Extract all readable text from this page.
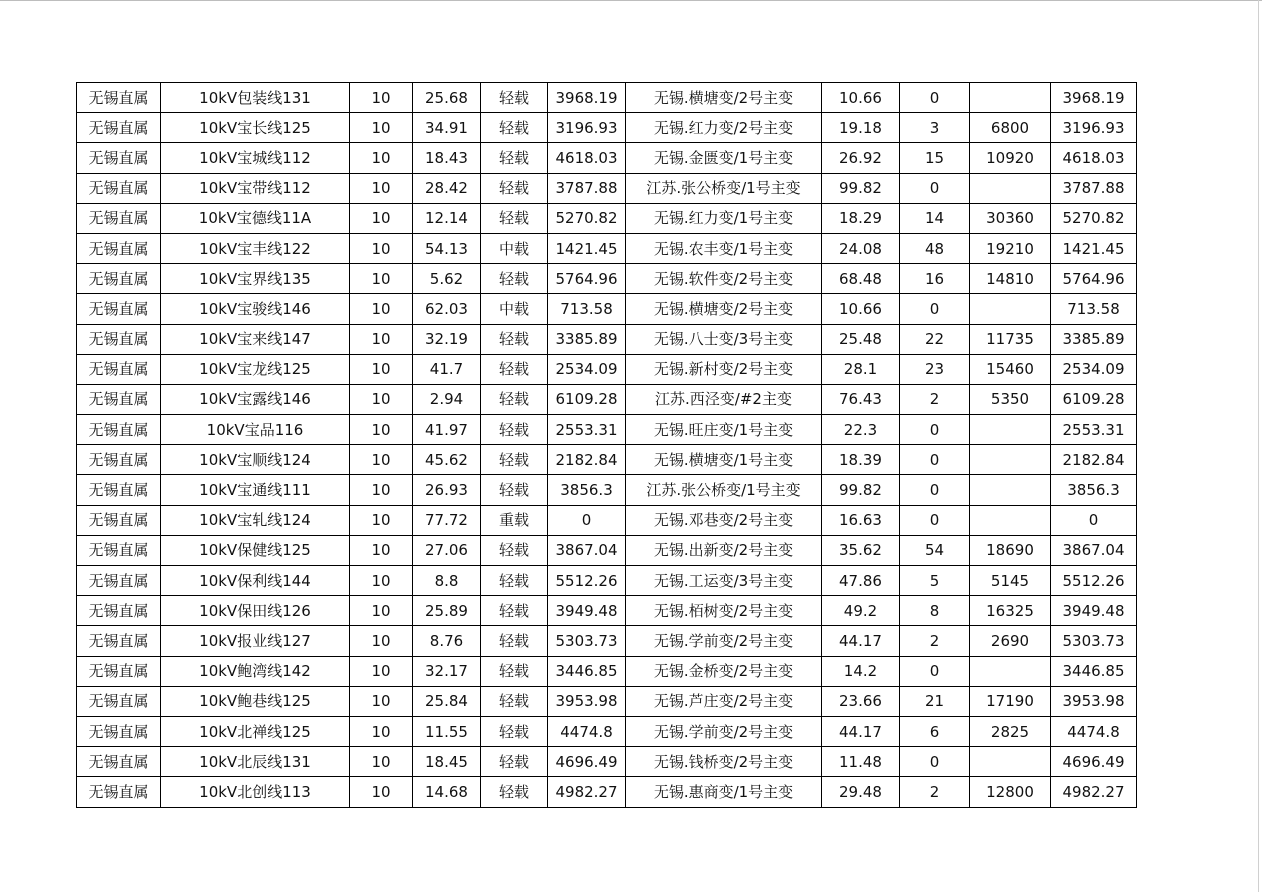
无锡直属	10kV包装线131	10	25.68	轻载	3968.19	无锡.横塘变/2号主变	10.66	0		3968.19
无锡直属	10kV宝长线125	10	34.91	轻载	3196.93	无锡.红力变/2号主变	19.18	3	6800	3196.93
无锡直属	10kV宝城线112	10	18.43	轻载	4618.03	无锡.金匮变/1号主变	26.92	15	10920	4618.03
无锡直属	10kV宝带线112	10	28.42	轻载	3787.88	江苏.张公桥变/1号主变	99.82	0		3787.88
无锡直属	10kV宝德线11A	10	12.14	轻载	5270.82	无锡.红力变/1号主变	18.29	14	30360	5270.82
无锡直属	10kV宝丰线122	10	54.13	中载	1421.45	无锡.农丰变/1号主变	24.08	48	19210	1421.45
无锡直属	10kV宝界线135	10	5.62	轻载	5764.96	无锡.软件变/2号主变	68.48	16	14810	5764.96
无锡直属	10kV宝骏线146	10	62.03	中载	713.58	无锡.横塘变/2号主变	10.66	0		713.58
无锡直属	10kV宝来线147	10	32.19	轻载	3385.89	无锡.八士变/3号主变	25.48	22	11735	3385.89
无锡直属	10kV宝龙线125	10	41.7	轻载	2534.09	无锡.新村变/2号主变	28.1	23	15460	2534.09
无锡直属	10kV宝露线146	10	2.94	轻载	6109.28	江苏.西泾变/#2主变	76.43	2	5350	6109.28
无锡直属	10kV宝品116	10	41.97	轻载	2553.31	无锡.旺庄变/1号主变	22.3	0		2553.31
无锡直属	10kV宝顺线124	10	45.62	轻载	2182.84	无锡.横塘变/1号主变	18.39	0		2182.84
无锡直属	10kV宝通线111	10	26.93	轻载	3856.3	江苏.张公桥变/1号主变	99.82	0		3856.3
无锡直属	10kV宝轧线124	10	77.72	重载	0	无锡.邓巷变/2号主变	16.63	0		0
无锡直属	10kV保健线125	10	27.06	轻载	3867.04	无锡.出新变/2号主变	35.62	54	18690	3867.04
无锡直属	10kV保利线144	10	8.8	轻载	5512.26	无锡.工运变/3号主变	47.86	5	5145	5512.26
无锡直属	10kV保田线126	10	25.89	轻载	3949.48	无锡.栢树变/2号主变	49.2	8	16325	3949.48
无锡直属	10kV报业线127	10	8.76	轻载	5303.73	无锡.学前变/2号主变	44.17	2	2690	5303.73
无锡直属	10kV鲍湾线142	10	32.17	轻载	3446.85	无锡.金桥变/2号主变	14.2	0		3446.85
无锡直属	10kV鲍巷线125	10	25.84	轻载	3953.98	无锡.芦庄变/2号主变	23.66	21	17190	3953.98
无锡直属	10kV北禅线125	10	11.55	轻载	4474.8	无锡.学前变/2号主变	44.17	6	2825	4474.8
无锡直属	10kV北辰线131	10	18.45	轻载	4696.49	无锡.钱桥变/2号主变	11.48	0		4696.49
无锡直属	10kV北创线113	10	14.68	轻载	4982.27	无锡.惠商变/1号主变	29.48	2	12800	4982.27
